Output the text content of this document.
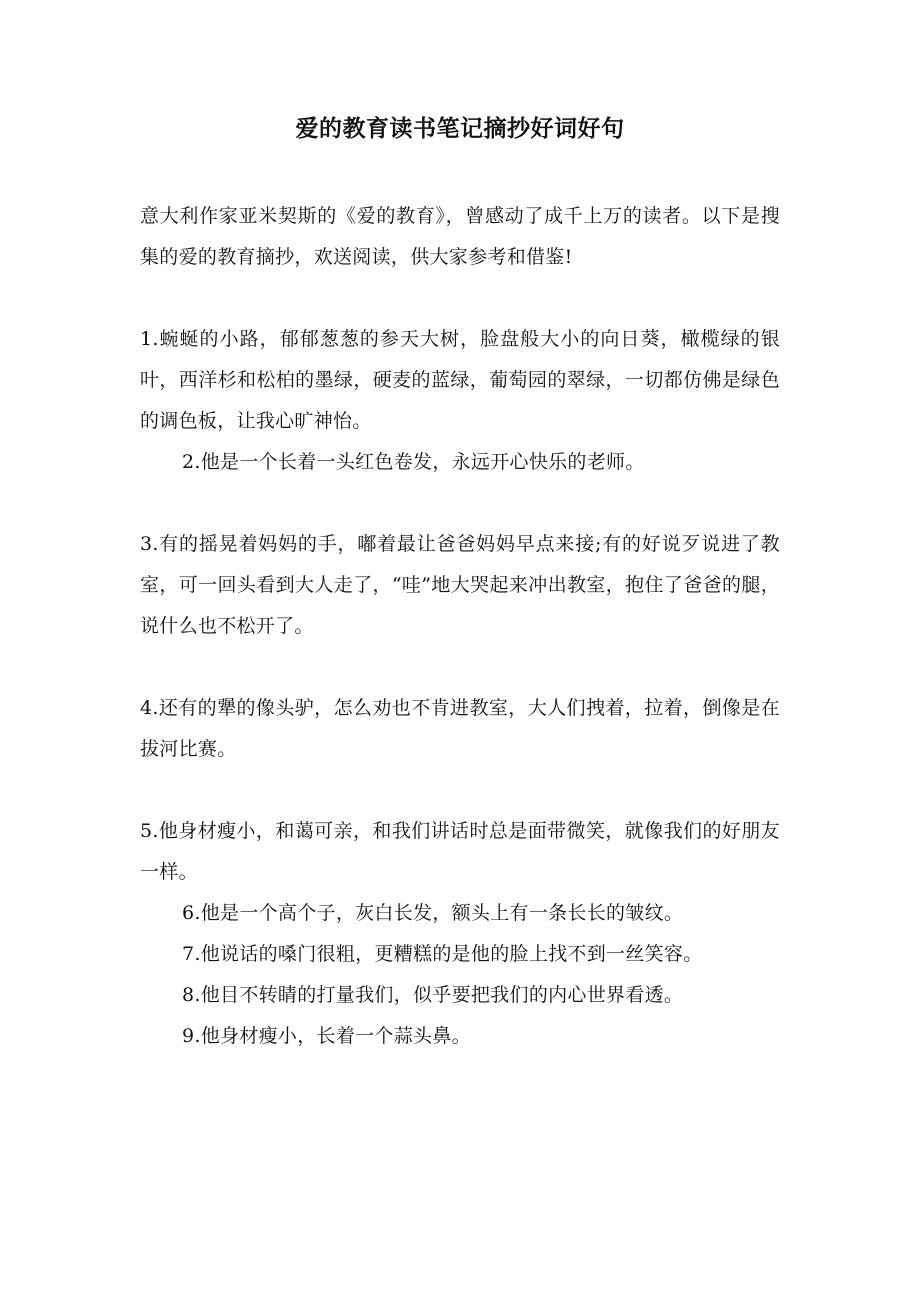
爱的教育读书笔记摘抄好词好句

意大利作家亚米契斯的《爱的教育》，曾感动了成千上万的读者。以下是搜集的爱的教育摘抄，欢送阅读，供大家参考和借鉴!

1.蜿蜒的小路，郁郁葱葱的参天大树，脸盘般大小的向日葵，橄榄绿的银叶，西洋杉和松柏的墨绿，硬麦的蓝绿，葡萄园的翠绿，一切都仿佛是绿色的调色板，让我心旷神怡。

2.他是一个长着一头红色卷发，永远开心快乐的老师。

3.有的摇晃着妈妈的手，嘟着最让爸爸妈妈早点来接;有的好说歹说进了教室，可一回头看到大人走了，“哇”地大哭起来冲出教室，抱住了爸爸的腿，说什么也不松开了。

4.还有的犟的像头驴，怎么劝也不肯进教室，大人们拽着，拉着，倒像是在拔河比赛。

5.他身材瘦小，和蔼可亲，和我们讲话时总是面带微笑，就像我们的好朋友一样。

6.他是一个高个子，灰白长发，额头上有一条长长的皱纹。

7.他说话的嗓门很粗，更糟糕的是他的脸上找不到一丝笑容。

8.他目不转睛的打量我们，似乎要把我们的内心世界看透。

9.他身材瘦小，长着一个蒜头鼻。
